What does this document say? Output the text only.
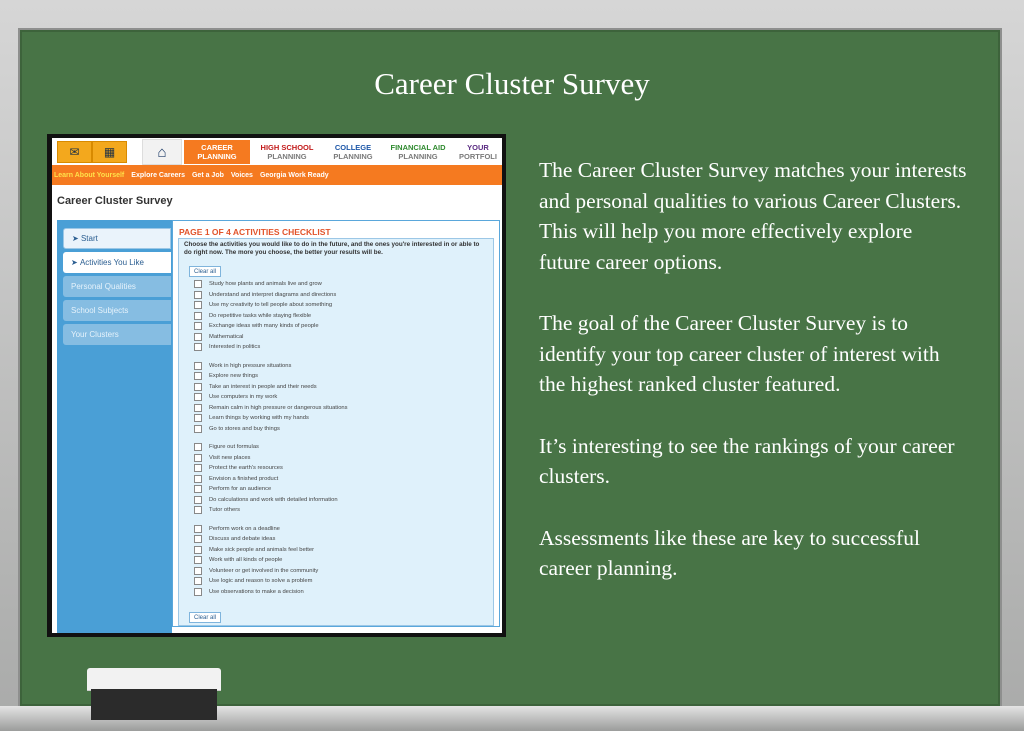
Career Cluster Survey

The Career Cluster Survey matches your interests and personal qualities to various Career Clusters. This will help you more effectively explore future career options.

The goal of the Career Cluster Survey is to identify your top career cluster of interest with the highest ranked cluster featured.

It’s interesting to see the rankings of your career clusters.

Assessments like these are key to successful career planning.

✉	▦	⌂	CAREER
PLANNING
HIGH SCHOOL
PLANNING
COLLEGE
PLANNING
FINANCIAL AID
PLANNING
YOUR
PORTFOLI
Learn About Yourself Explore Careers Get a Job Voices Georgia Work Ready
Career Cluster Survey
➤ Start
➤ Activities You Like
Personal Qualities
School Subjects
Your Clusters
PAGE 1 OF 4 ACTIVITIES CHECKLIST
Choose the activities you would like to do in the future, and the ones you're interested in or able to do right now. The more you choose, the better your results will be.
Clear all
Study how plants and animals live and grow
Understand and interpret diagrams and directions
Use my creativity to tell people about something
Do repetitive tasks while staying flexible
Exchange ideas with many kinds of people
Mathematical
Interested in politics
Work in high pressure situations
Explore new things
Take an interest in people and their needs
Use computers in my work
Remain calm in high pressure or dangerous situations
Learn things by working with my hands
Go to stores and buy things
Figure out formulas
Visit new places
Protect the earth's resources
Envision a finished product
Perform for an audience
Do calculations and work with detailed information
Tutor others
Perform work on a deadline
Discuss and debate ideas
Make sick people and animals feel better
Work with all kinds of people
Volunteer or get involved in the community
Use logic and reason to solve a problem
Use observations to make a decision
Clear all
